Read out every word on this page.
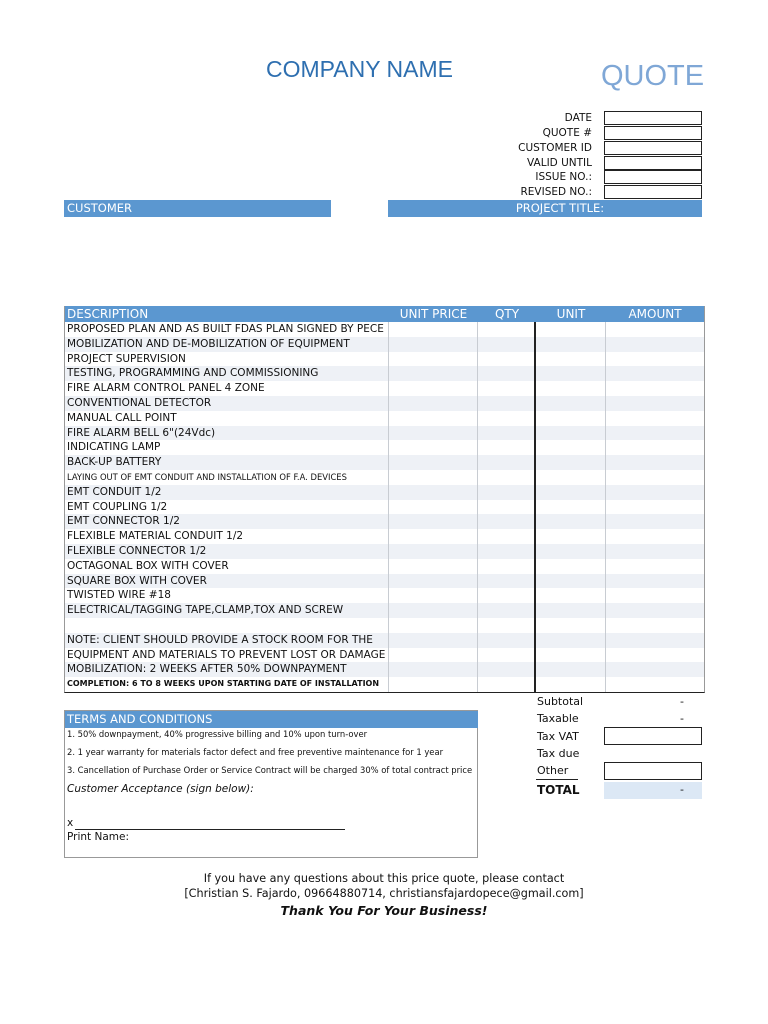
COMPANY NAME	QUOTE
DATE
QUOTE #
CUSTOMER ID
VALID UNTIL
ISSUE NO.:
REVISED NO.:
CUSTOMER	PROJECT TITLE:
DESCRIPTION	UNIT PRICE	QTY	UNIT	AMOUNT
PROPOSED PLAN AND AS BUILT FDAS PLAN SIGNED BY PECE
MOBILIZATION AND DE-MOBILIZATION OF EQUIPMENT
PROJECT SUPERVISION
TESTING, PROGRAMMING AND COMMISSIONING
FIRE ALARM CONTROL PANEL 4 ZONE
CONVENTIONAL DETECTOR
MANUAL CALL POINT
FIRE ALARM BELL 6"(24Vdc)
INDICATING LAMP
BACK-UP BATTERY
LAYING OUT OF EMT CONDUIT AND INSTALLATION OF F.A. DEVICES
EMT CONDUIT 1/2
EMT COUPLING 1/2
EMT CONNECTOR 1/2
FLEXIBLE MATERIAL CONDUIT 1/2
FLEXIBLE CONNECTOR 1/2
OCTAGONAL BOX WITH COVER
SQUARE BOX WITH COVER
TWISTED WIRE #18
ELECTRICAL/TAGGING TAPE,CLAMP,TOX AND SCREW
NOTE: CLIENT SHOULD PROVIDE A STOCK ROOM FOR THE
EQUIPMENT AND MATERIALS TO PREVENT LOST OR DAMAGE
MOBILIZATION: 2 WEEKS AFTER 50% DOWNPAYMENT
COMPLETION: 6 TO 8 WEEKS UPON STARTING DATE OF INSTALLATION
Subtotal	-
Taxable	-
Tax VAT
Tax due
Other
TOTAL	-
TERMS AND CONDITIONS
1. 50% downpayment, 40% progressive billing and 10% upon turn-over
2. 1 year warranty for materials factor defect and free preventive maintenance for 1 year
3. Cancellation of Purchase Order or Service Contract will be charged 30% of total contract price
Customer Acceptance (sign below):
x
Print Name:
If you have any questions about this price quote, please contact
[Christian S. Fajardo, 09664880714, christiansfajardopece@gmail.com]
Thank You For Your Business!
